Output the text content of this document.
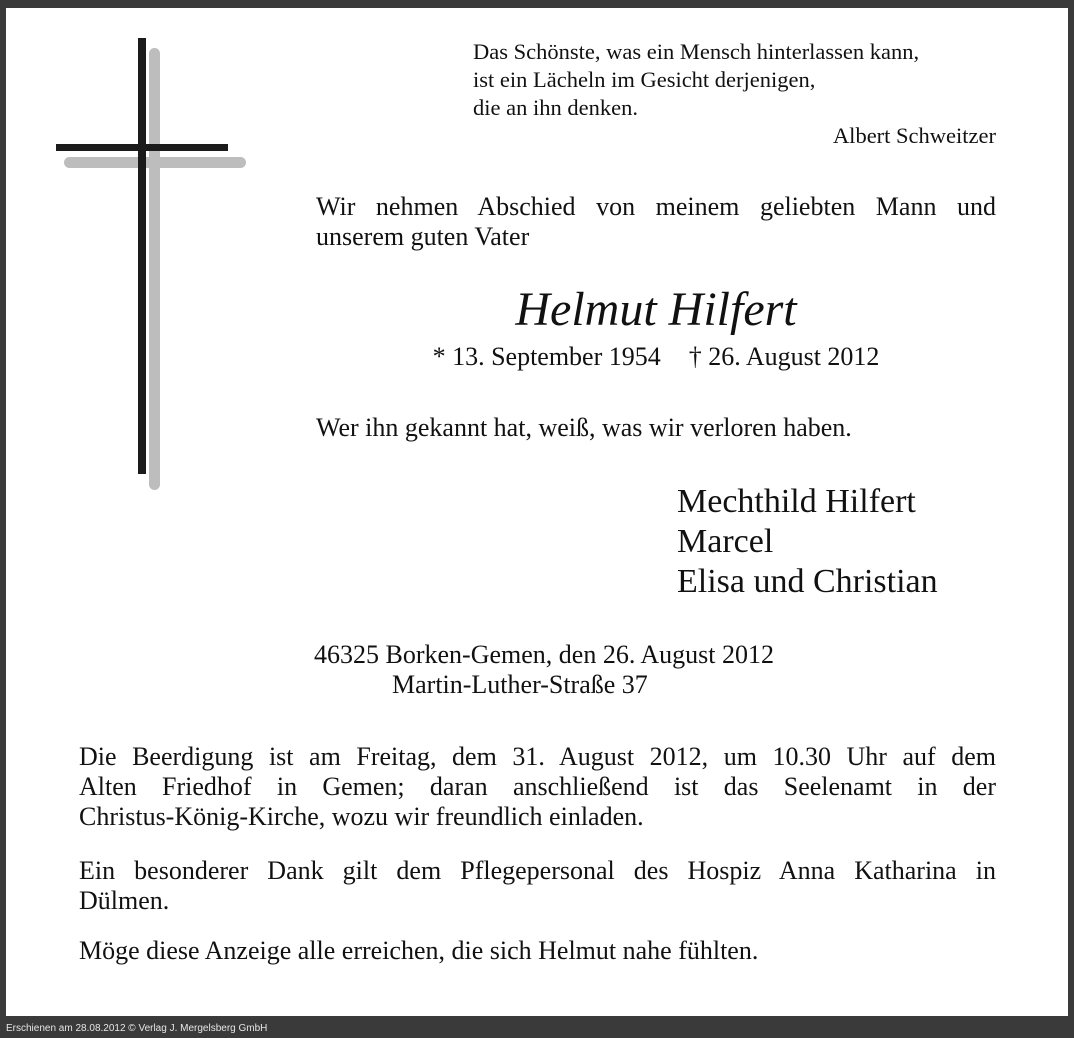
Das Schönste, was ein Mensch hinterlassen kann,
ist ein Lächeln im Gesicht derjenigen,
die an ihn denken.
Albert Schweitzer
Wir nehmen Abschied von meinem geliebten Mann und
unserem guten Vater
Helmut Hilfert
* 13. September 1954 † 26. August 2012
Wer ihn gekannt hat, weiß, was wir verloren haben.
Mechthild Hilfert
Marcel
Elisa und Christian
46325 Borken-Gemen, den 26. August 2012
Martin-Luther-Straße 37
Die Beerdigung ist am Freitag, dem 31. August 2012, um 10.30 Uhr auf dem
Alten Friedhof in Gemen; daran anschließend ist das Seelenamt in der
Christus-König-Kirche, wozu wir freundlich einladen.
Ein besonderer Dank gilt dem Pflegepersonal des Hospiz Anna Katharina in
Dülmen.
Möge diese Anzeige alle erreichen, die sich Helmut nahe fühlten.
Erschienen am 28.08.2012 © Verlag J. Mergelsberg GmbH
